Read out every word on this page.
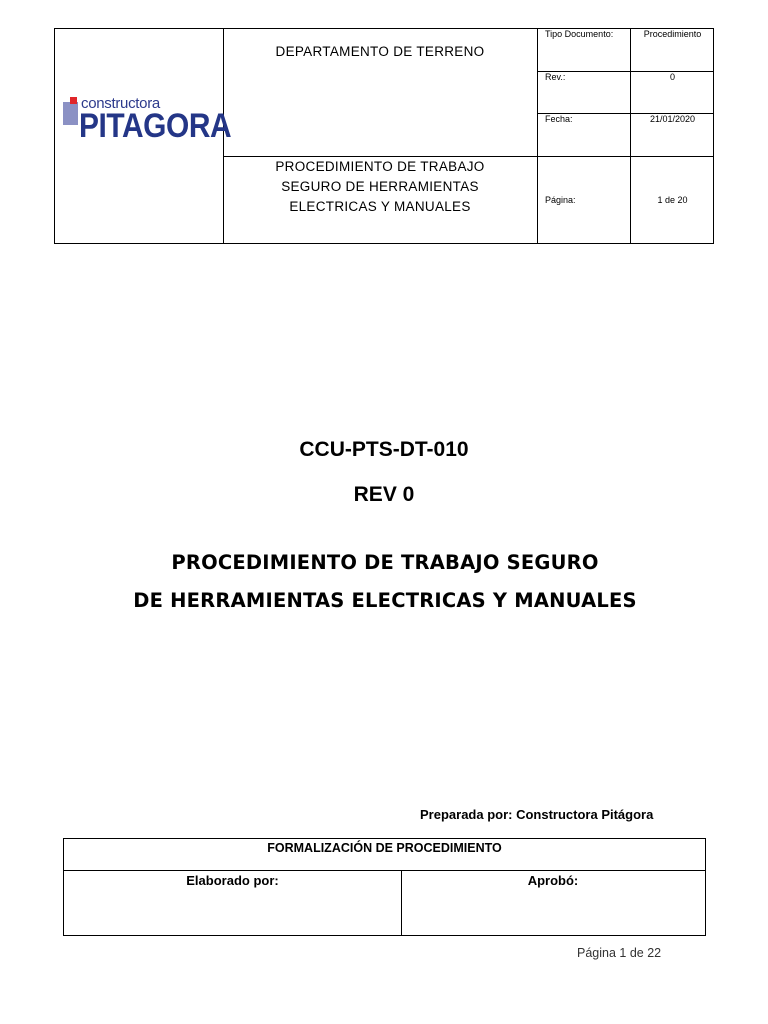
constructora
PITAGORA
DEPARTAMENTO DE TERRENO
PROCEDIMIENTO DE TRABAJO
SEGURO DE HERRAMIENTAS
ELECTRICAS Y MANUALES
Tipo Documento:	Procedimiento
Rev.:	0
Fecha:	21/01/2020
Página:	1 de 20
CCU-PTS-DT-010
REV 0
PROCEDIMIENTO DE TRABAJO SEGURO
DE HERRAMIENTAS ELECTRICAS Y MANUALES
Preparada por: Constructora Pitágora
FORMALIZACIÓN DE PROCEDIMIENTO
Elaborado por:	Aprobó:
Página 1 de 22
